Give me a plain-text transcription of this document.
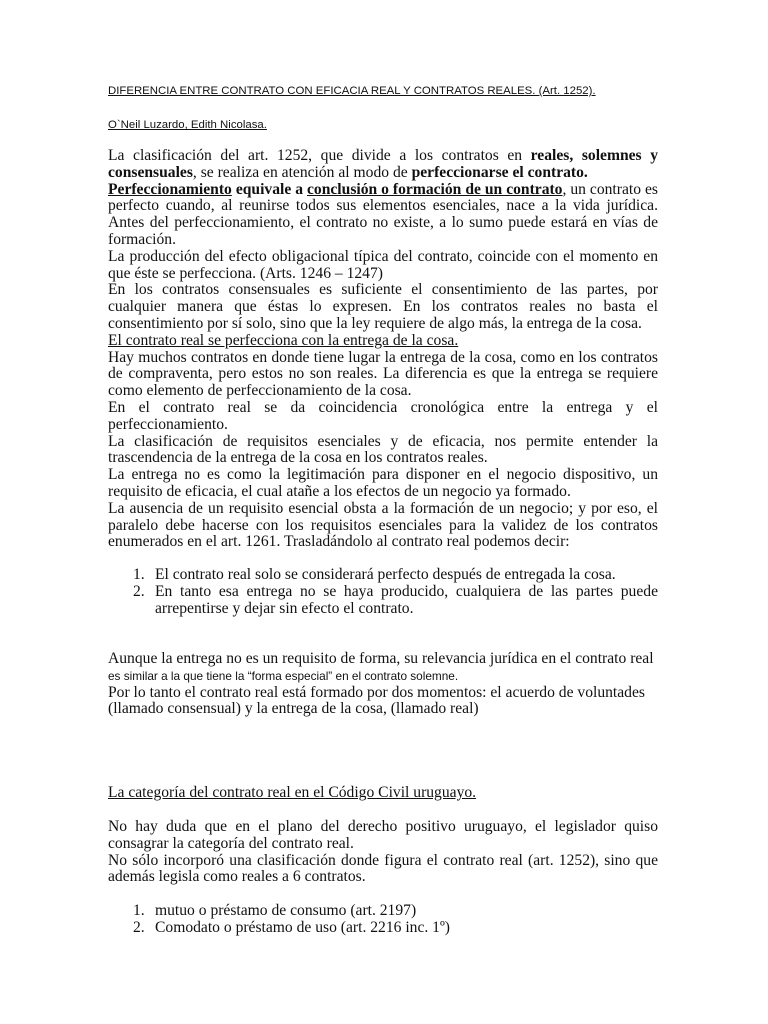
DIFERENCIA ENTRE CONTRATO CON EFICACIA REAL Y CONTRATOS REALES. (Art. 1252).
O`Neil Luzardo, Edith Nicolasa.

La clasificación del art. 1252, que divide a los contratos en reales, solemnes y consensuales, se realiza en atención al modo de perfeccionarse el contrato.

Perfeccionamiento equivale a conclusión o formación de un contrato, un contrato es perfecto cuando, al reunirse todos sus elementos esenciales, nace a la vida jurídica. Antes del perfeccionamiento, el contrato no existe, a lo sumo puede estará en vías de formación.

La producción del efecto obligacional típica del contrato, coincide con el momento en que éste se perfecciona. (Arts. 1246 – 1247)

En los contratos consensuales es suficiente el consentimiento de las partes, por cualquier manera que éstas lo expresen. En los contratos reales no basta el consentimiento por sí solo, sino que la ley requiere de algo más, la entrega de la cosa.

El contrato real se perfecciona con la entrega de la cosa.

Hay muchos contratos en donde tiene lugar la entrega de la cosa, como en los contratos de compraventa, pero estos no son reales. La diferencia es que la entrega se requiere como elemento de perfeccionamiento de la cosa.

En el contrato real se da coincidencia cronológica entre la entrega y el perfeccionamiento.

La clasificación de requisitos esenciales y de eficacia, nos permite entender la trascendencia de la entrega de la cosa en los contratos reales.

La entrega no es como la legitimación para disponer en el negocio dispositivo, un requisito de eficacia, el cual atañe a los efectos de un negocio ya formado.

La ausencia de un requisito esencial obsta a la formación de un negocio; y por eso, el paralelo debe hacerse con los requisitos esenciales para la validez de los contratos enumerados en el art. 1261. Trasladándolo al contrato real podemos decir:

1. El contrato real solo se considerará perfecto después de entregada la cosa.
2. En tanto esa entrega no se haya producido, cualquiera de las partes puede arrepentirse y dejar sin efecto el contrato.

Aunque la entrega no es un requisito de forma, su relevancia jurídica en el contrato real

es similar a la que tiene la “forma especial” en el contrato solemne.

Por lo tanto el contrato real está formado por dos momentos: el acuerdo de voluntades (llamado consensual) y la entrega de la cosa, (llamado real)

La categoría del contrato real en el Código Civil uruguayo.

No hay duda que en el plano del derecho positivo uruguayo, el legislador quiso consagrar la categoría del contrato real.

No sólo incorporó una clasificación donde figura el contrato real (art. 1252), sino que además legisla como reales a 6 contratos.

1. mutuo o préstamo de consumo (art. 2197)
2. Comodato o préstamo de uso (art. 2216 inc. 1º)
